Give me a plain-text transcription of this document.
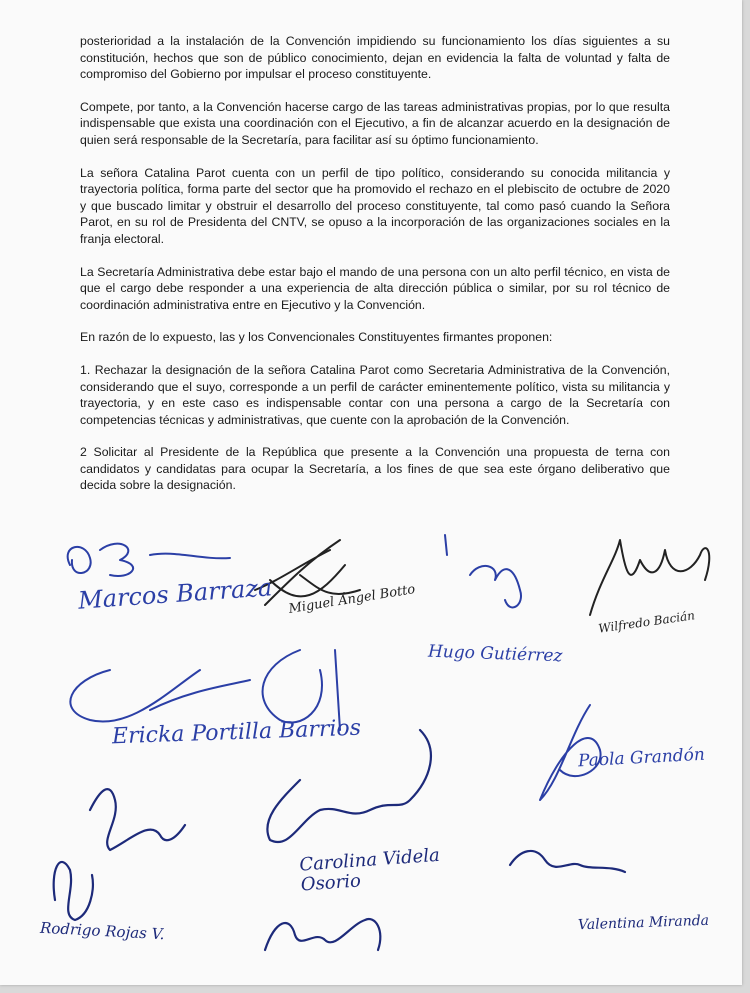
posterioridad a la instalación de la Convención impidiendo su funcionamiento los días siguientes a su constitución, hechos que son de público conocimiento, dejan en evidencia la falta de voluntad y falta de compromiso del Gobierno por impulsar el proceso constituyente.

Compete, por tanto, a la Convención hacerse cargo de las tareas administrativas propias, por lo que resulta indispensable que exista una coordinación con el Ejecutivo, a fin de alcanzar acuerdo en la designación de quien será responsable de la Secretaría, para facilitar así su óptimo funcionamiento.

La señora Catalina Parot cuenta con un perfil de tipo político, considerando su conocida militancia y trayectoria política, forma parte del sector que ha promovido el rechazo en el plebiscito de octubre de 2020 y que buscado limitar y obstruir el desarrollo del proceso constituyente, tal como pasó cuando la Señora Parot, en su rol de Presidenta del CNTV, se opuso a la incorporación de las organizaciones sociales en la franja electoral.

La Secretaría Administrativa debe estar bajo el mando de una persona con un alto perfil técnico, en vista de que el cargo debe responder a una experiencia de alta dirección pública o similar, por su rol técnico de coordinación administrativa entre en Ejecutivo y la Convención.

En razón de lo expuesto, las y los Convencionales Constituyentes firmantes proponen:

1. Rechazar la designación de la señora Catalina Parot como Secretaria Administrativa de la Convención, considerando que el suyo, corresponde a un perfil de carácter eminentemente político, vista su militancia y trayectoria, y en este caso es indispensable contar con una persona a cargo de la Secretaría con competencias técnicas y administrativas, que cuente con la aprobación de la Convención.

2 Solicitar al Presidente de la República que presente a la Convención una propuesta de terna con candidatos y candidatas para ocupar la Secretaría, a los fines de que sea este órgano deliberativo que decida sobre la designación.

Marcos Barraza Miguel Ángel Botto
Hugo Gutiérrez
Wilfredo Bacián
Ericka Portilla Barrios
Paola Grandón
Carolina Videla Osorio
Valentina Miranda
Rodrigo Rojas V.
